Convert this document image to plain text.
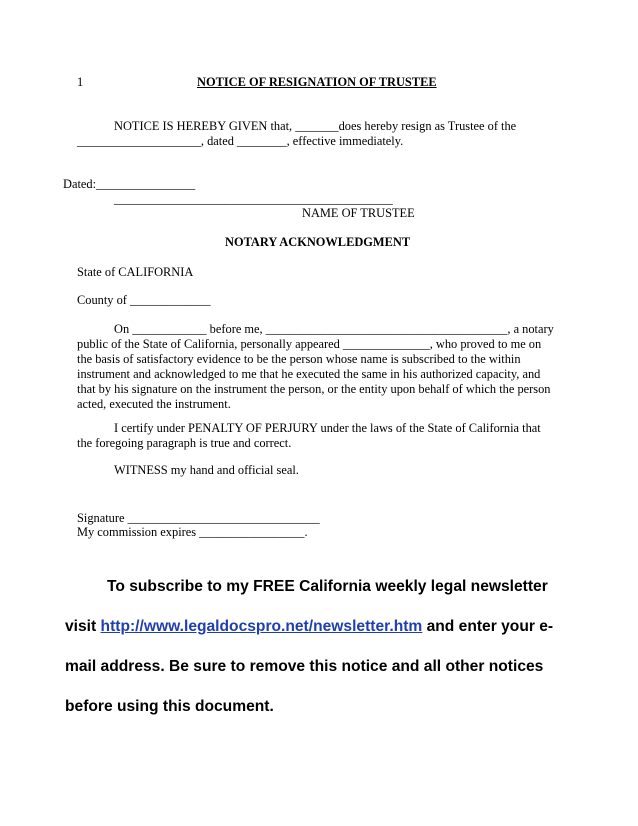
1	NOTICE OF RESIGNATION OF TRUSTEE

NOTICE IS HEREBY GIVEN that, _______does hereby resign as Trustee of the

____________________, dated ________, effective immediately.

Dated:________________

_____________________________________________

NAME OF TRUSTEE

NOTARY ACKNOWLEDGMENT

State of CALIFORNIA

County of _____________

On ____________ before me, _______________________________________, a notary

public of the State of California, personally appeared ______________, who proved to me on

the basis of satisfactory evidence to be the person whose name is subscribed to the within

instrument and acknowledged to me that he executed the same in his authorized capacity, and

that by his signature on the instrument the person, or the entity upon behalf of which the person

acted, executed the instrument.

I certify under PENALTY OF PERJURY under the laws of the State of California that

the foregoing paragraph is true and correct.

WITNESS my hand and official seal.

Signature _______________________________

My commission expires _________________.

To subscribe to my FREE California weekly legal newsletter

visit http://www.legaldocspro.net/newsletter.htm and enter your e-

mail address. Be sure to remove this notice and all other notices

before using this document.
